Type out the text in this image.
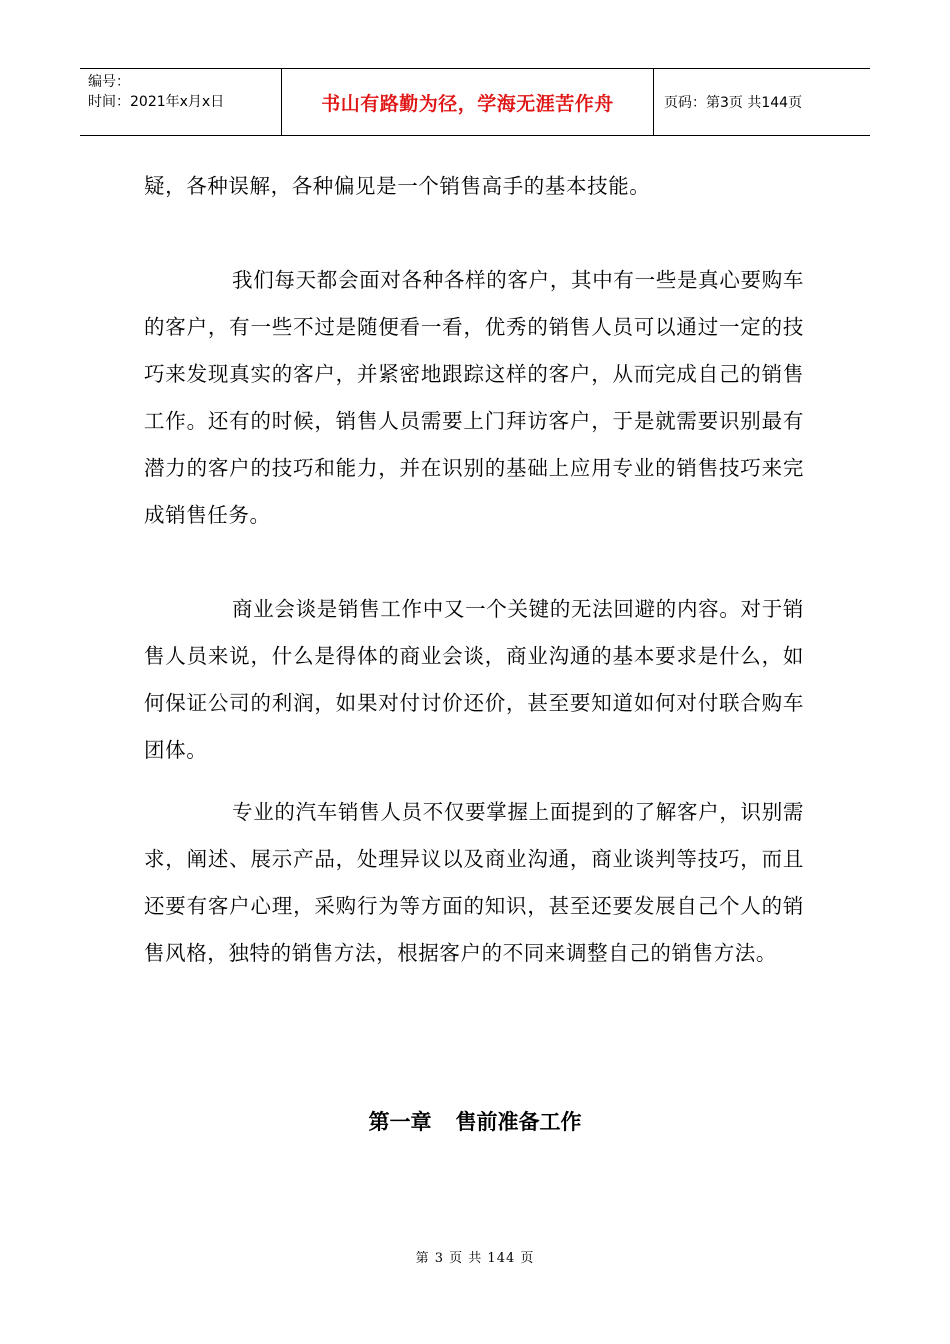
编号：
时间：2021年x月x日	书山有路勤为径，学海无涯苦作舟	页码：第3页 共144页

疑，各种误解，各种偏见是一个销售高手的基本技能。

我们每天都会面对各种各样的客户，其中有一些是真心要购车的客户，有一些不过是随便看一看，优秀的销售人员可以通过一定的技巧来发现真实的客户，并紧密地跟踪这样的客户，从而完成自己的销售工作。还有的时候，销售人员需要上门拜访客户，于是就需要识别最有潜力的客户的技巧和能力，并在识别的基础上应用专业的销售技巧来完成销售任务。

商业会谈是销售工作中又一个关键的无法回避的内容。对于销售人员来说，什么是得体的商业会谈，商业沟通的基本要求是什么，如何保证公司的利润，如果对付讨价还价，甚至要知道如何对付联合购车团体。

专业的汽车销售人员不仅要掌握上面提到的了解客户，识别需求，阐述、展示产品，处理异议以及商业沟通，商业谈判等技巧，而且还要有客户心理，采购行为等方面的知识，甚至还要发展自己个人的销售风格，独特的销售方法，根据客户的不同来调整自己的销售方法。

第一章 售前准备工作
第 3 页 共 144 页
